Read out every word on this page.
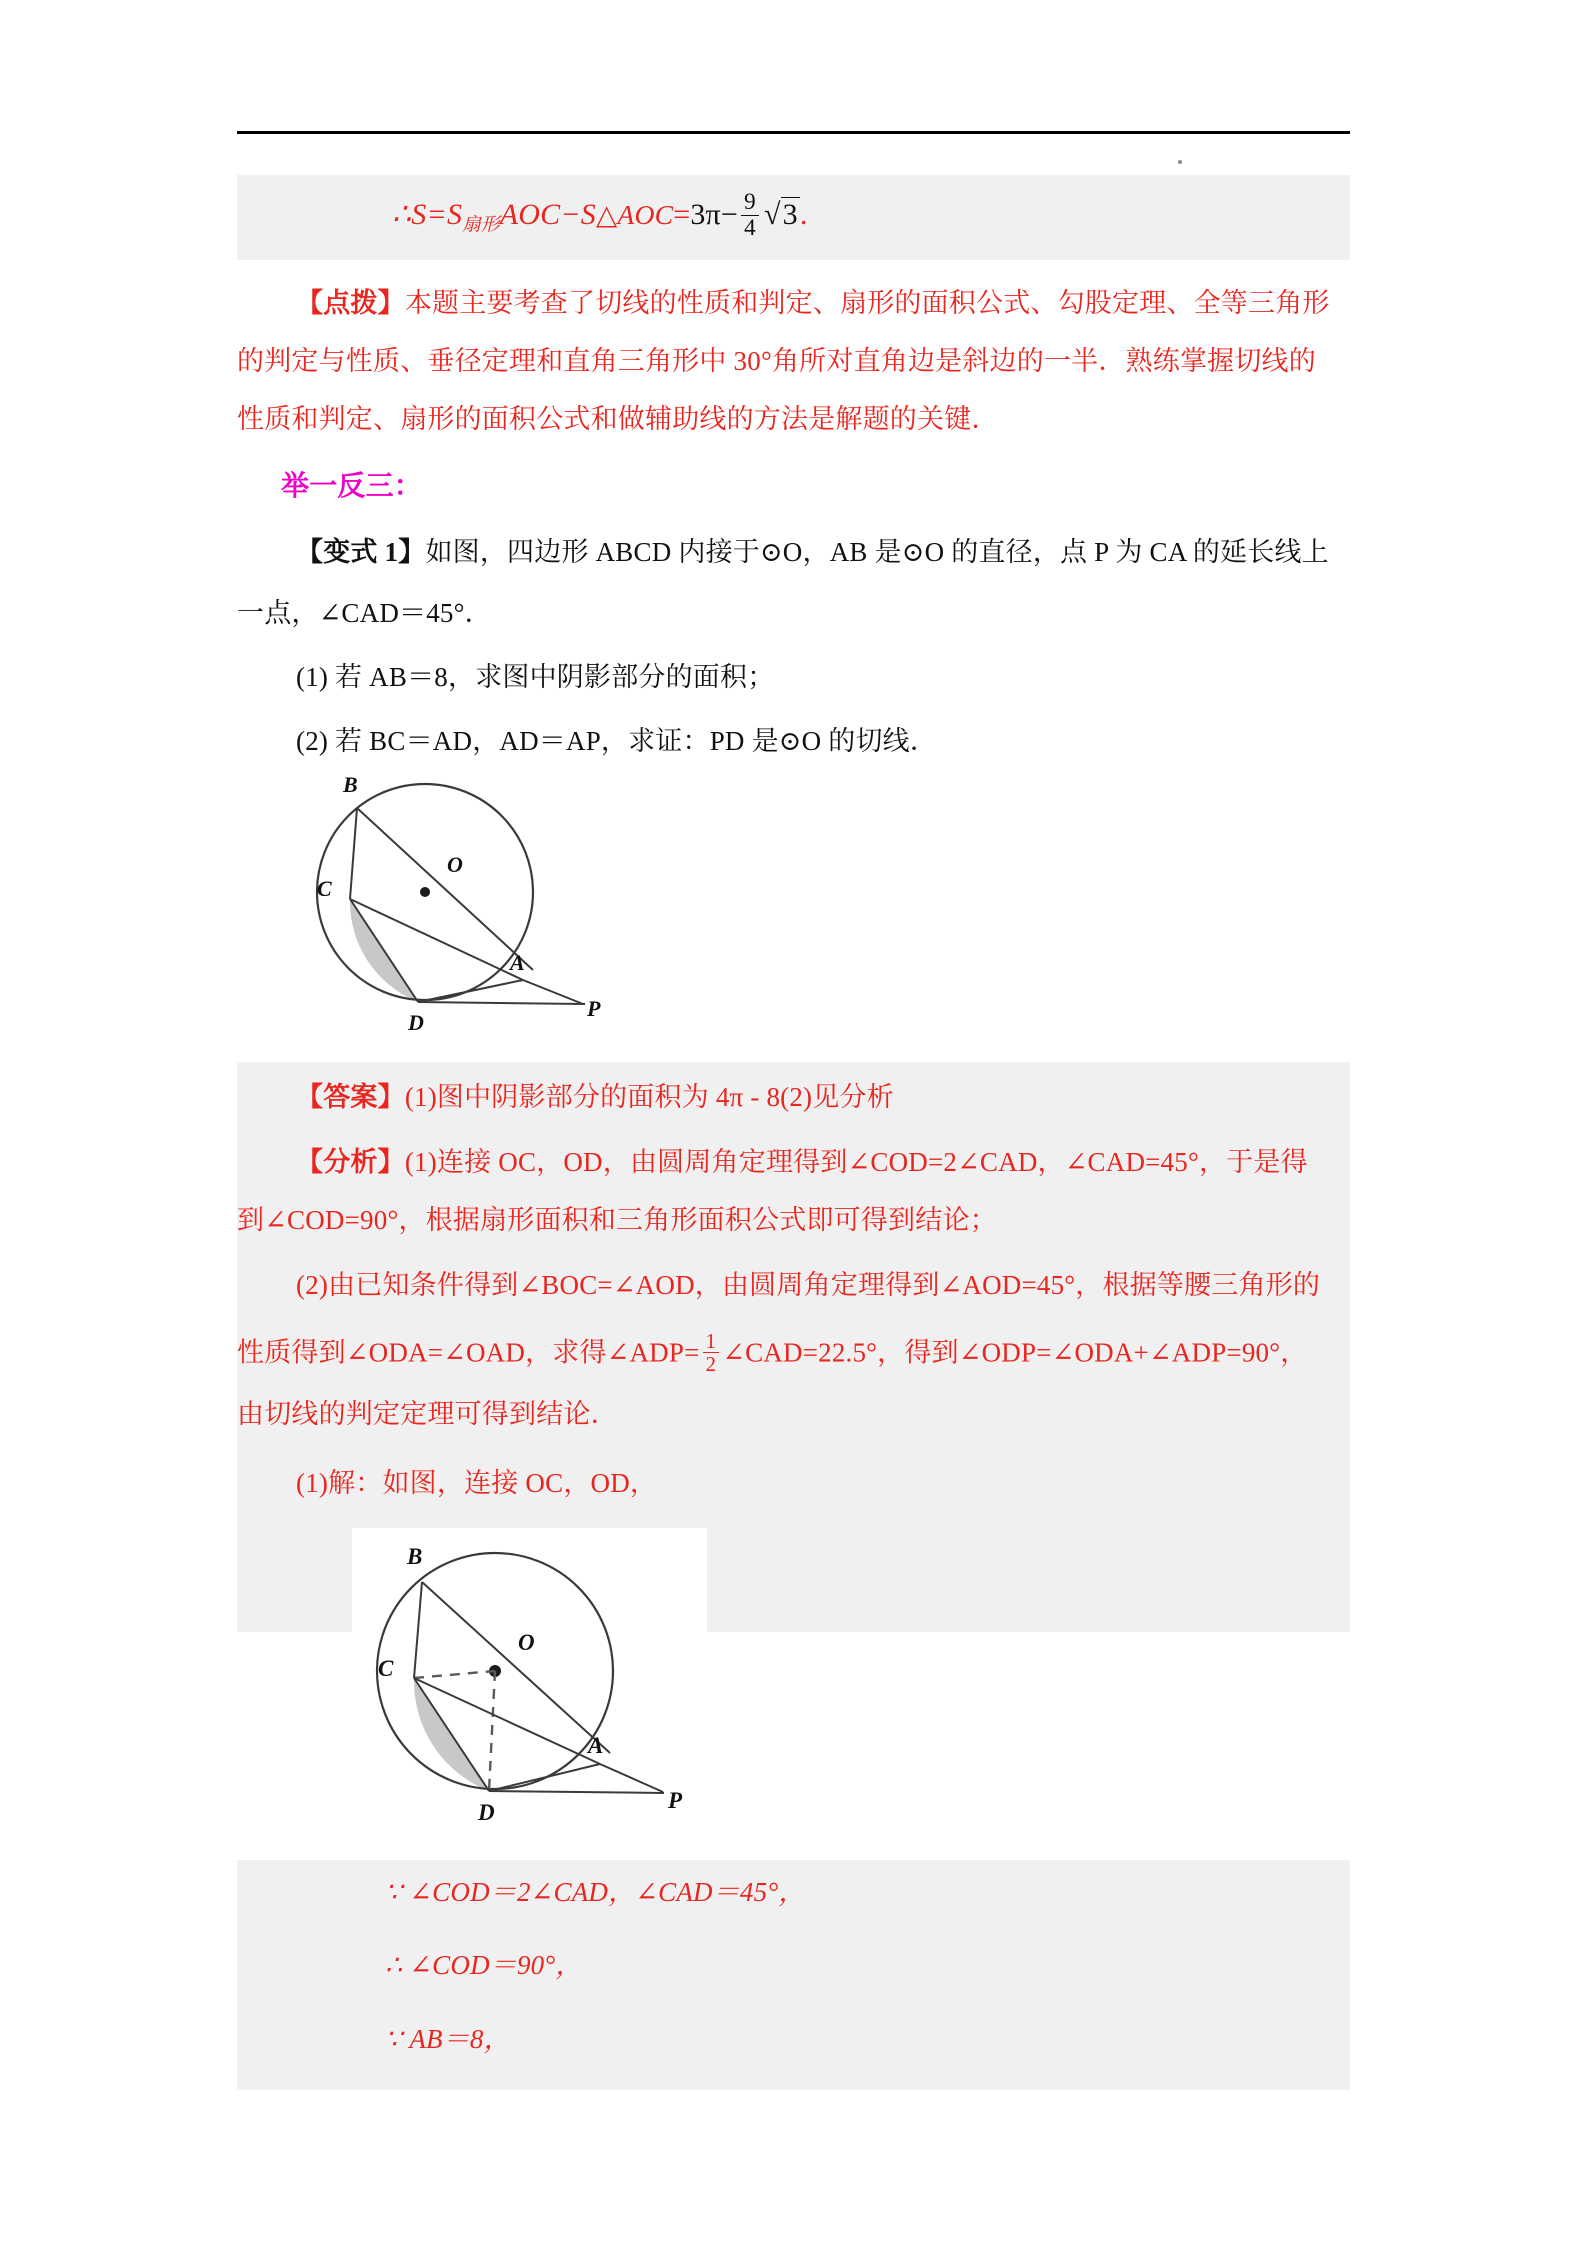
$\therefore S=S_{扇形}AOC-S\triangle AOC=3\pi- \frac{9}{4} √3$.
【点拨】本题主要考查了切线的性质和判定、扇形的面积公式、勾股定理、全等三角形
的判定与性质、垂径定理和直角三角形中 30°角所对直角边是斜边的一半．熟练掌握切线的
性质和判定、扇形的面积公式和做辅助线的方法是解题的关键．
举一反三：
【变式 1】如图，四边形 ABCD 内接于⊙O，AB 是⊙O 的直径，点 P 为 CA 的延长线上
一点，∠CAD＝45°．
(1) 若 AB＝8，求图中阴影部分的面积；
(2) 若 BC＝AD，AD＝AP，求证：PD 是⊙O 的切线．
B
O
C
A
D
P
【答案】(1)图中阴影部分的面积为 4π - 8(2)见分析
【分析】(1)连接 OC，OD，由圆周角定理得到∠COD=2∠CAD，∠CAD=45°，于是得
到∠COD=90°，根据扇形面积和三角形面积公式即可得到结论；
(2)由已知条件得到∠BOC=∠AOD，由圆周角定理得到∠AOD=45°，根据等腰三角形的
性质得到∠ODA=∠OAD，求得∠ADP= $\frac{1}{2}$ ∠CAD=22.5°，得到∠ODP=∠ODA+∠ADP=90°，
由切线的判定定理可得到结论．
(1)解：如图，连接 OC，OD，
B
O
C
A
D	P
∵ ∠COD＝2∠CAD，∠CAD＝45°，
∴ ∠COD＝90°，
∵ AB＝8，
